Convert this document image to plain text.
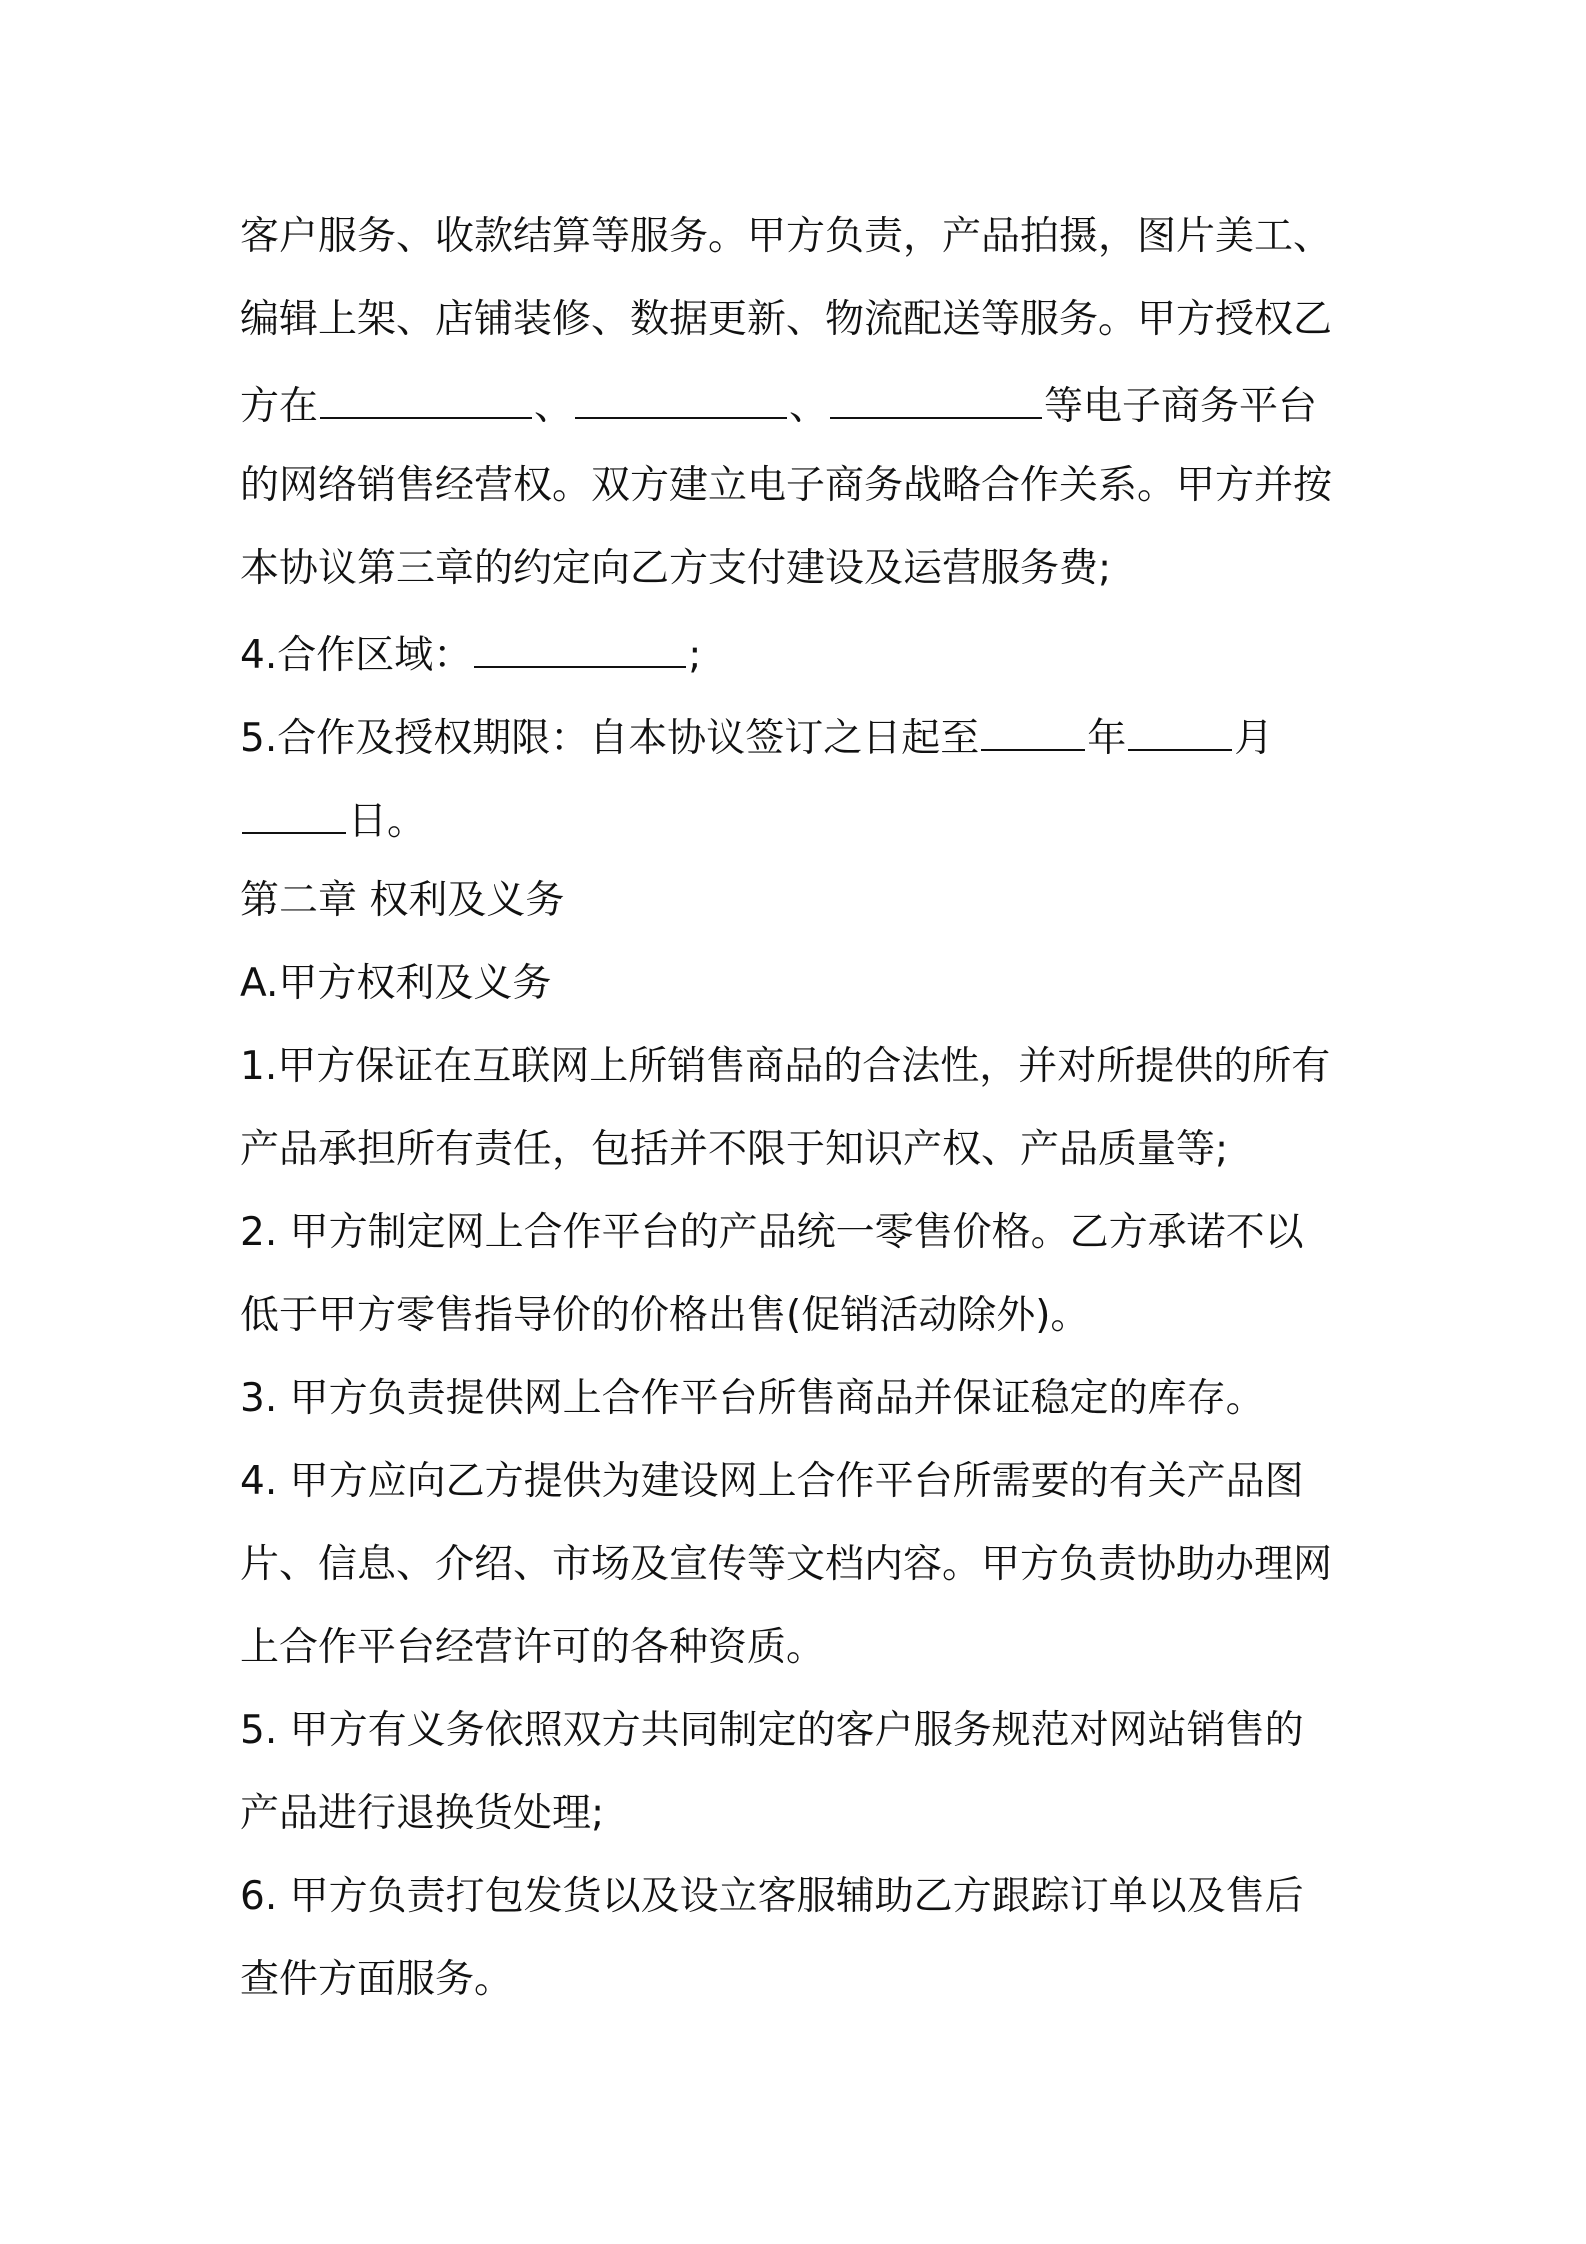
客户服务、收款结算等服务。甲方负责，产品拍摄，图片美工、
编辑上架、店铺装修、数据更新、物流配送等服务。甲方授权乙
方在	、	、	等电子商务平台
的网络销售经营权。双方建立电子商务战略合作关系。甲方并按
本协议第三章的约定向乙方支付建设及运营服务费;
4.合作区域：	;
5.合作及授权期限：自本协议签订之日起至	年	月
日。
第二章 权利及义务
A.甲方权利及义务
1.甲方保证在互联网上所销售商品的合法性，并对所提供的所有
产品承担所有责任，包括并不限于知识产权、产品质量等;
2. 甲方制定网上合作平台的产品统一零售价格。乙方承诺不以
低于甲方零售指导价的价格出售(促销活动除外)。
3. 甲方负责提供网上合作平台所售商品并保证稳定的库存。
4. 甲方应向乙方提供为建设网上合作平台所需要的有关产品图
片、信息、介绍、市场及宣传等文档内容。甲方负责协助办理网
上合作平台经营许可的各种资质。
5. 甲方有义务依照双方共同制定的客户服务规范对网站销售的
产品进行退换货处理;
6. 甲方负责打包发货以及设立客服辅助乙方跟踪订单以及售后
查件方面服务。
